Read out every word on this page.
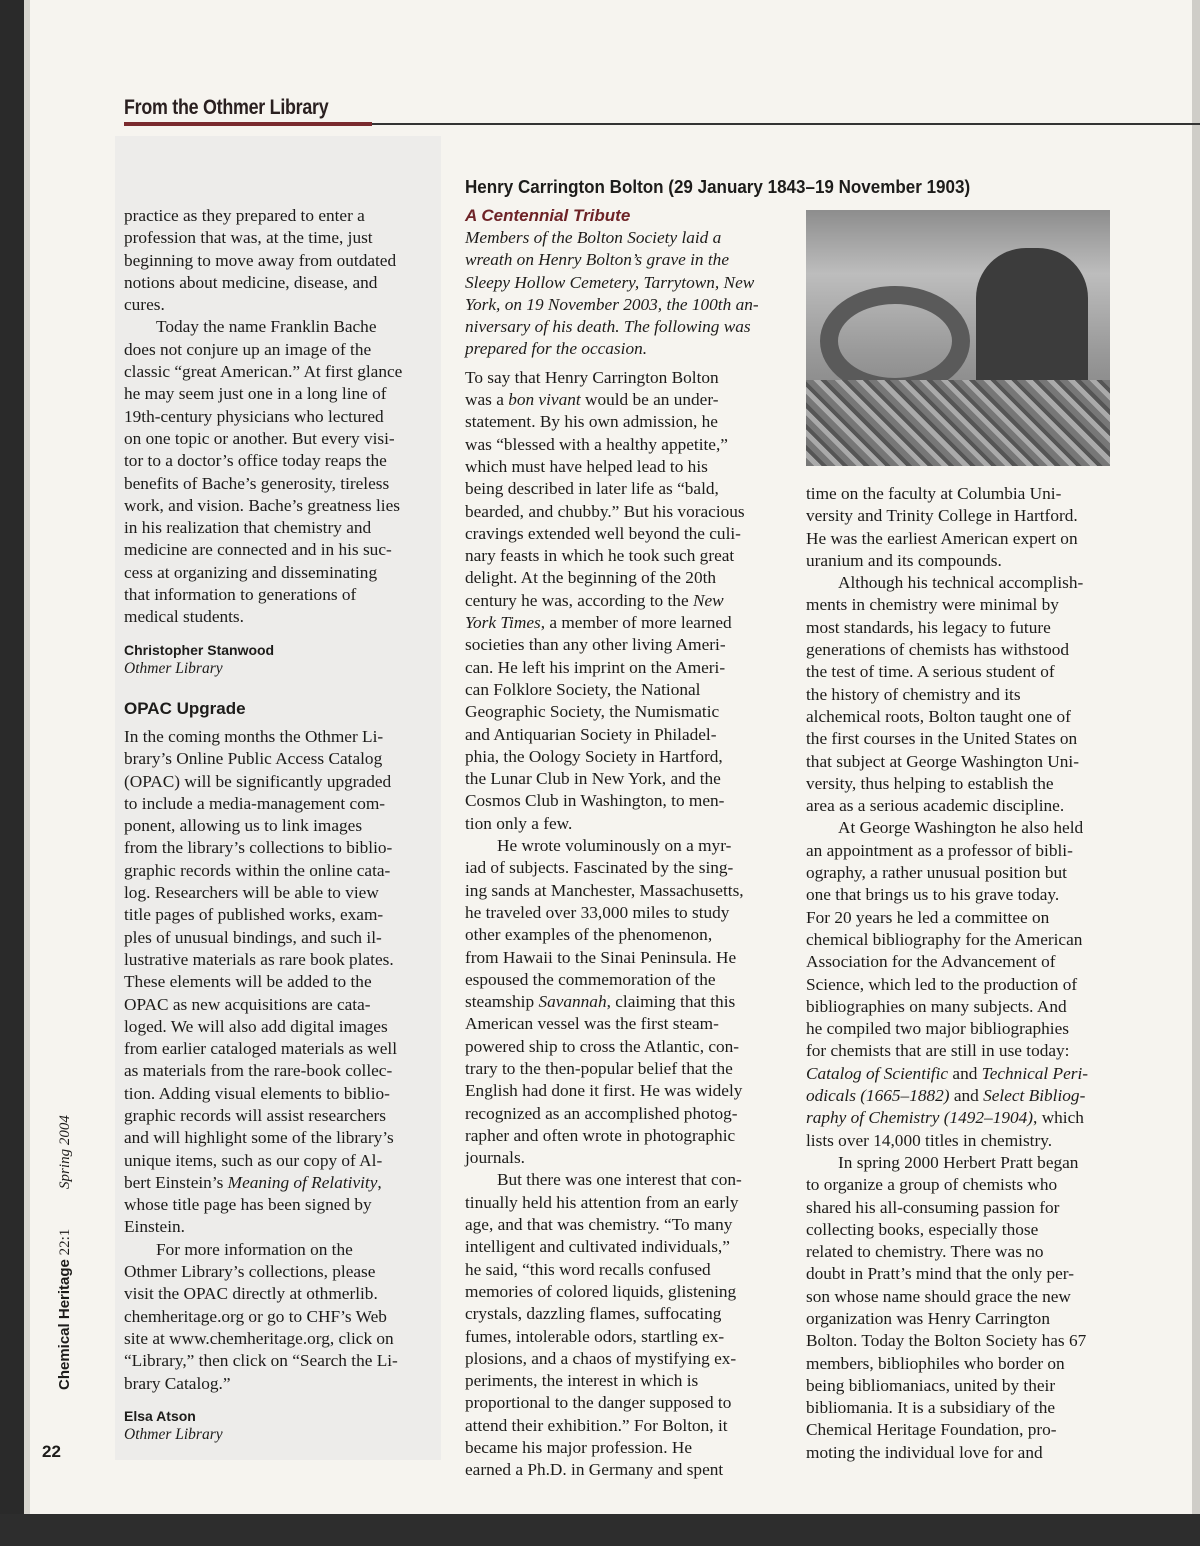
From the Othmer Library
practice as they prepared to enter a
profession that was, at the time, just
beginning to move away from outdated
notions about medicine, disease, and
cures.
Today the name Franklin Bache
does not conjure up an image of the
classic “great American.” At first glance
he may seem just one in a long line of
19th-century physicians who lectured
on one topic or another. But every visi-
tor to a doctor’s office today reaps the
benefits of Bache’s generosity, tireless
work, and vision. Bache’s greatness lies
in his realization that chemistry and
medicine are connected and in his suc-
cess at organizing and disseminating
that information to generations of
medical students.
Christopher Stanwood
Othmer Library
OPAC Upgrade
In the coming months the Othmer Li-
brary’s Online Public Access Catalog
(OPAC) will be significantly upgraded
to include a media-management com-
ponent, allowing us to link images
from the library’s collections to biblio-
graphic records within the online cata-
log. Researchers will be able to view
title pages of published works, exam-
ples of unusual bindings, and such il-
lustrative materials as rare book plates.
These elements will be added to the
OPAC as new acquisitions are cata-
loged. We will also add digital images
from earlier cataloged materials as well
as materials from the rare-book collec-
tion. Adding visual elements to biblio-
graphic records will assist researchers
and will highlight some of the library’s
unique items, such as our copy of Al-
bert Einstein’s Meaning of Relativity,
whose title page has been signed by
Einstein.
For more information on the
Othmer Library’s collections, please
visit the OPAC directly at othmerlib.
chemheritage.org or go to CHF’s Web
site at www.chemheritage.org, click on
“Library,” then click on “Search the Li-
brary Catalog.”
Elsa Atson
Othmer Library
Henry Carrington Bolton (29 January 1843–19 November 1903)
A Centennial Tribute
Members of the Bolton Society laid a
wreath on Henry Bolton’s grave in the
Sleepy Hollow Cemetery, Tarrytown, New
York, on 19 November 2003, the 100th an-
niversary of his death. The following was
prepared for the occasion.
To say that Henry Carrington Bolton
was a bon vivant would be an under-
statement. By his own admission, he
was “blessed with a healthy appetite,”
which must have helped lead to his
being described in later life as “bald,
bearded, and chubby.” But his voracious
cravings extended well beyond the culi-
nary feasts in which he took such great
delight. At the beginning of the 20th
century he was, according to the New
York Times, a member of more learned
societies than any other living Ameri-
can. He left his imprint on the Ameri-
can Folklore Society, the National
Geographic Society, the Numismatic
and Antiquarian Society in Philadel-
phia, the Oology Society in Hartford,
the Lunar Club in New York, and the
Cosmos Club in Washington, to men-
tion only a few.
He wrote voluminously on a myr-
iad of subjects. Fascinated by the sing-
ing sands at Manchester, Massachusetts,
he traveled over 33,000 miles to study
other examples of the phenomenon,
from Hawaii to the Sinai Peninsula. He
espoused the commemoration of the
steamship Savannah, claiming that this
American vessel was the first steam-
powered ship to cross the Atlantic, con-
trary to the then-popular belief that the
English had done it first. He was widely
recognized as an accomplished photog-
rapher and often wrote in photographic
journals.
But there was one interest that con-
tinually held his attention from an early
age, and that was chemistry. “To many
intelligent and cultivated individuals,”
he said, “this word recalls confused
memories of colored liquids, glistening
crystals, dazzling flames, suffocating
fumes, intolerable odors, startling ex-
plosions, and a chaos of mystifying ex-
periments, the interest in which is
proportional to the danger supposed to
attend their exhibition.” For Bolton, it
became his major profession. He
earned a Ph.D. in Germany and spent
time on the faculty at Columbia Uni-
versity and Trinity College in Hartford.
He was the earliest American expert on
uranium and its compounds.
Although his technical accomplish-
ments in chemistry were minimal by
most standards, his legacy to future
generations of chemists has withstood
the test of time. A serious student of
the history of chemistry and its
alchemical roots, Bolton taught one of
the first courses in the United States on
that subject at George Washington Uni-
versity, thus helping to establish the
area as a serious academic discipline.
At George Washington he also held
an appointment as a professor of bibli-
ography, a rather unusual position but
one that brings us to his grave today.
For 20 years he led a committee on
chemical bibliography for the American
Association for the Advancement of
Science, which led to the production of
bibliographies on many subjects. And
he compiled two major bibliographies
for chemists that are still in use today:
Catalog of Scientific and Technical Peri-
odicals (1665–1882) and Select Bibliog-
raphy of Chemistry (1492–1904), which
lists over 14,000 titles in chemistry.
In spring 2000 Herbert Pratt began
to organize a group of chemists who
shared his all-consuming passion for
collecting books, especially those
related to chemistry. There was no
doubt in Pratt’s mind that the only per-
son whose name should grace the new
organization was Henry Carrington
Bolton. Today the Bolton Society has 67
members, bibliophiles who border on
being bibliomaniacs, united by their
bibliomania. It is a subsidiary of the
Chemical Heritage Foundation, pro-
moting the individual love for and
Chemical Heritage 22:1 Spring 2004
22
